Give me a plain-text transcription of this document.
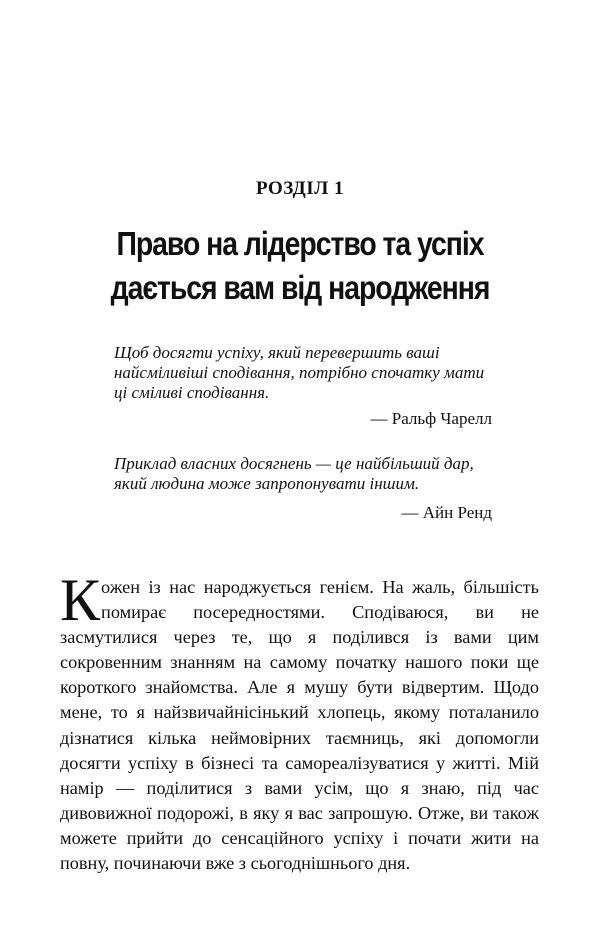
РОЗДІЛ 1
Право на лідерство та успіх дається вам від народження

Щоб досягти успіху, який перевершить ваші найсміливіші сподівання, потрібно спочатку мати ці сміливі сподівання.

— Ральф Чарелл

Приклад власних досягнень — це найбільший дар, який людина може запропонувати іншим.

— Айн Ренд

Кожен із нас народжується генієм. На жаль, більшість помирає посередностями. Сподіваюся, ви не засмутилися через те, що я поділився із вами цим сокровенним знанням на самому початку нашого поки ще короткого знайомства. Але я мушу бути відвертим. Щодо мене, то я найзвичайнісінький хлопець, якому поталанило дізнатися кілька неймовірних таємниць, які допомогли досягти успіху в бізнесі та самореалізуватися у житті. Мій намір — поділитися з вами усім, що я знаю, під час дивовижної подорожі, в яку я вас запрошую. Отже, ви також можете прийти до сенсаційного успіху і почати жити на повну, починаючи вже з сьогоднішнього дня.
